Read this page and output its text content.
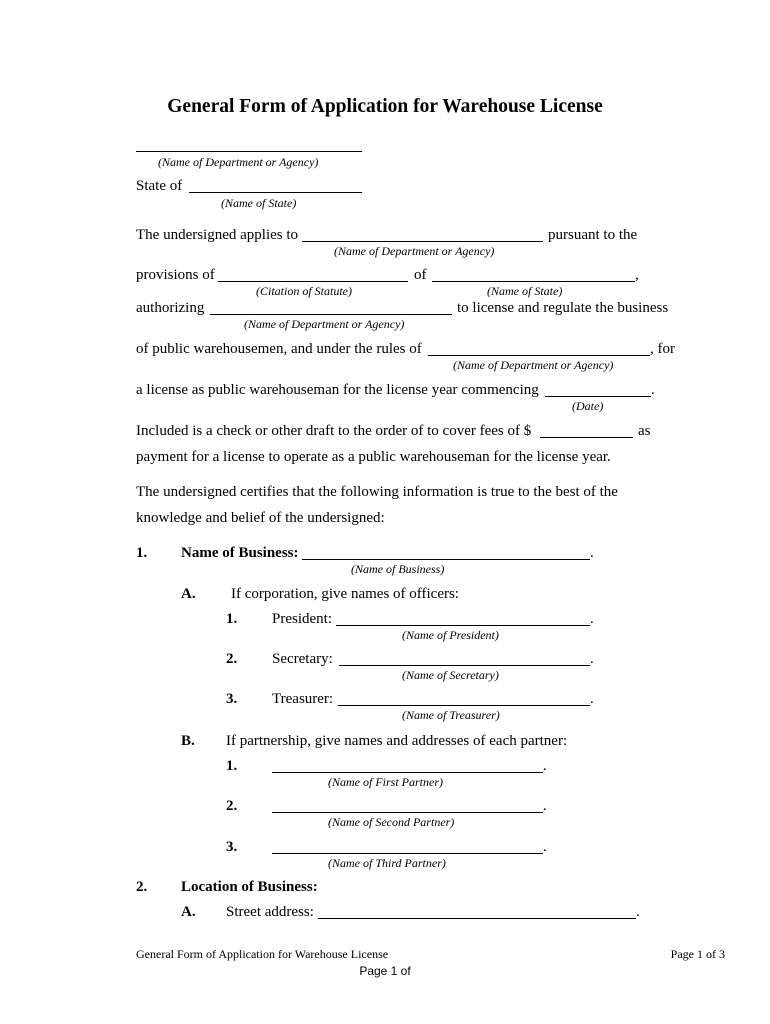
General Form of Application for Warehouse License
(Name of Department or Agency)
State of
(Name of State)
The undersigned applies to	pursuant to the
(Name of Department or Agency)
provisions of	of	,
(Citation of Statute)	(Name of State)
authorizing	to license and regulate the business
(Name of Department or Agency)
of public warehousemen, and under the rules of	, for
(Name of Department or Agency)
a license as public warehouseman for the license year commencing	.
(Date)
Included is a check or other draft to the order of to cover fees of $	as
payment for a license to operate as a public warehouseman for the license year.
The undersigned certifies that the following information is true to the best of the
knowledge and belief of the undersigned:
1. Name of Business:	.
(Name of Business)
A. If corporation, give names of officers:
1. President:	.
(Name of President)
2. Secretary:	.
(Name of Secretary)
3. Treasurer:	.
(Name of Treasurer)
B. If partnership, give names and addresses of each partner:
1.	.
(Name of First Partner)
2.	.
(Name of Second Partner)
3.	.
(Name of Third Partner)
2. Location of Business:
A. Street address:	.
General Form of Application for Warehouse License	Page 1 of 3
Page 1 of
